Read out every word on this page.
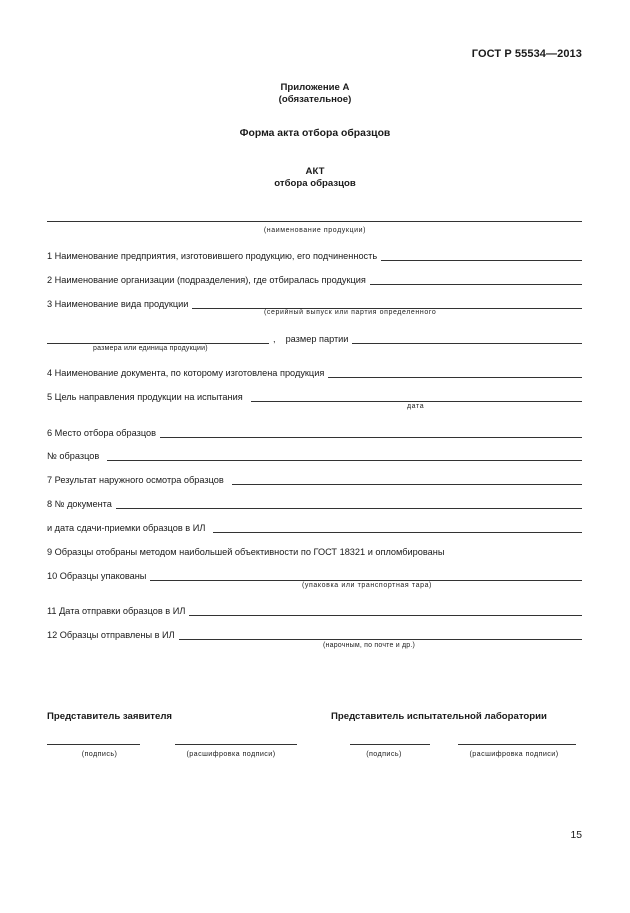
ГОСТ Р 55534—2013
Приложение А
(обязательное)
Форма акта отбора образцов
АКТ
отбора образцов
(наименование продукции)
1 Наименование предприятия, изготовившего продукцию, его подчиненность
2 Наименование организации (подразделения), где отбиралась продукция
3 Наименование вида продукции
(серийный выпуск или партия определенного
, размер партии
размера или единица продукции)
4 Наименование документа, по которому изготовлена продукция
5 Цель направления продукции на испытания
дата
6 Место отбора образцов
№ образцов
7 Результат наружного осмотра образцов
8 № документа
и дата сдачи-приемки образцов в ИЛ
9 Образцы отобраны методом наибольшей объективности по ГОСТ 18321 и опломбированы
10 Образцы упакованы
(упаковка или транспортная тара)
11 Дата отправки образцов в ИЛ
12 Образцы отправлены в ИЛ
(нарочным, по почте и др.)
Представитель заявителя	Представитель испытательной лаборатории
(подпись)	(расшифровка подписи)	(подпись)	(расшифровка подписи)
15
